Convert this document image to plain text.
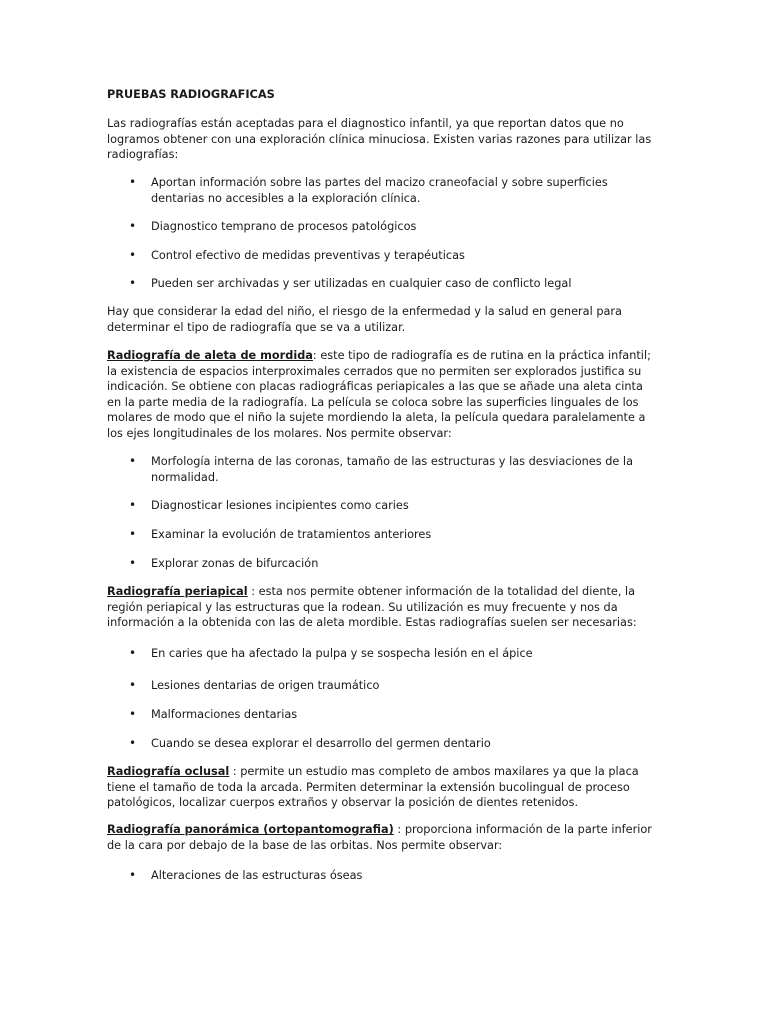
PRUEBAS RADIOGRAFICAS
Las radiografías están aceptadas para el diagnostico infantil, ya que reportan datos que no
logramos obtener con una exploración clínica minuciosa. Existen varias razones para utilizar las
radiografías:
• Aportan información sobre las partes del macizo craneofacial y sobre superficies
dentarias no accesibles a la exploración clínica.
• Diagnostico temprano de procesos patológicos
• Control efectivo de medidas preventivas y terapéuticas
• Pueden ser archivadas y ser utilizadas en cualquier caso de conflicto legal
Hay que considerar la edad del niño, el riesgo de la enfermedad y la salud en general para
determinar el tipo de radiografía que se va a utilizar.
Radiografía de aleta de mordida: este tipo de radiografía es de rutina en la práctica infantil;
la existencia de espacios interproximales cerrados que no permiten ser explorados justifica su
indicación. Se obtiene con placas radiográficas periapicales a las que se añade una aleta cinta
en la parte media de la radiografía. La película se coloca sobre las superficies linguales de los
molares de modo que el niño la sujete mordiendo la aleta, la película quedara paralelamente a
los ejes longitudinales de los molares. Nos permite observar:
• Morfología interna de las coronas, tamaño de las estructuras y las desviaciones de la
normalidad.
• Diagnosticar lesiones incipientes como caries
• Examinar la evolución de tratamientos anteriores
• Explorar zonas de bifurcación
Radiografía periapical : esta nos permite obtener información de la totalidad del diente, la
región periapical y las estructuras que la rodean. Su utilización es muy frecuente y nos da
información a la obtenida con las de aleta mordible. Estas radiografías suelen ser necesarias:
• En caries que ha afectado la pulpa y se sospecha lesión en el ápice
• Lesiones dentarias de origen traumático
• Malformaciones dentarias
• Cuando se desea explorar el desarrollo del germen dentario
Radiografía oclusal : permite un estudio mas completo de ambos maxilares ya que la placa
tiene el tamaño de toda la arcada. Permiten determinar la extensión bucolingual de proceso
patológicos, localizar cuerpos extraños y observar la posición de dientes retenidos.
Radiografía panorámica (ortopantomografia) : proporciona información de la parte inferior
de la cara por debajo de la base de las orbitas. Nos permite observar:
• Alteraciones de las estructuras óseas
